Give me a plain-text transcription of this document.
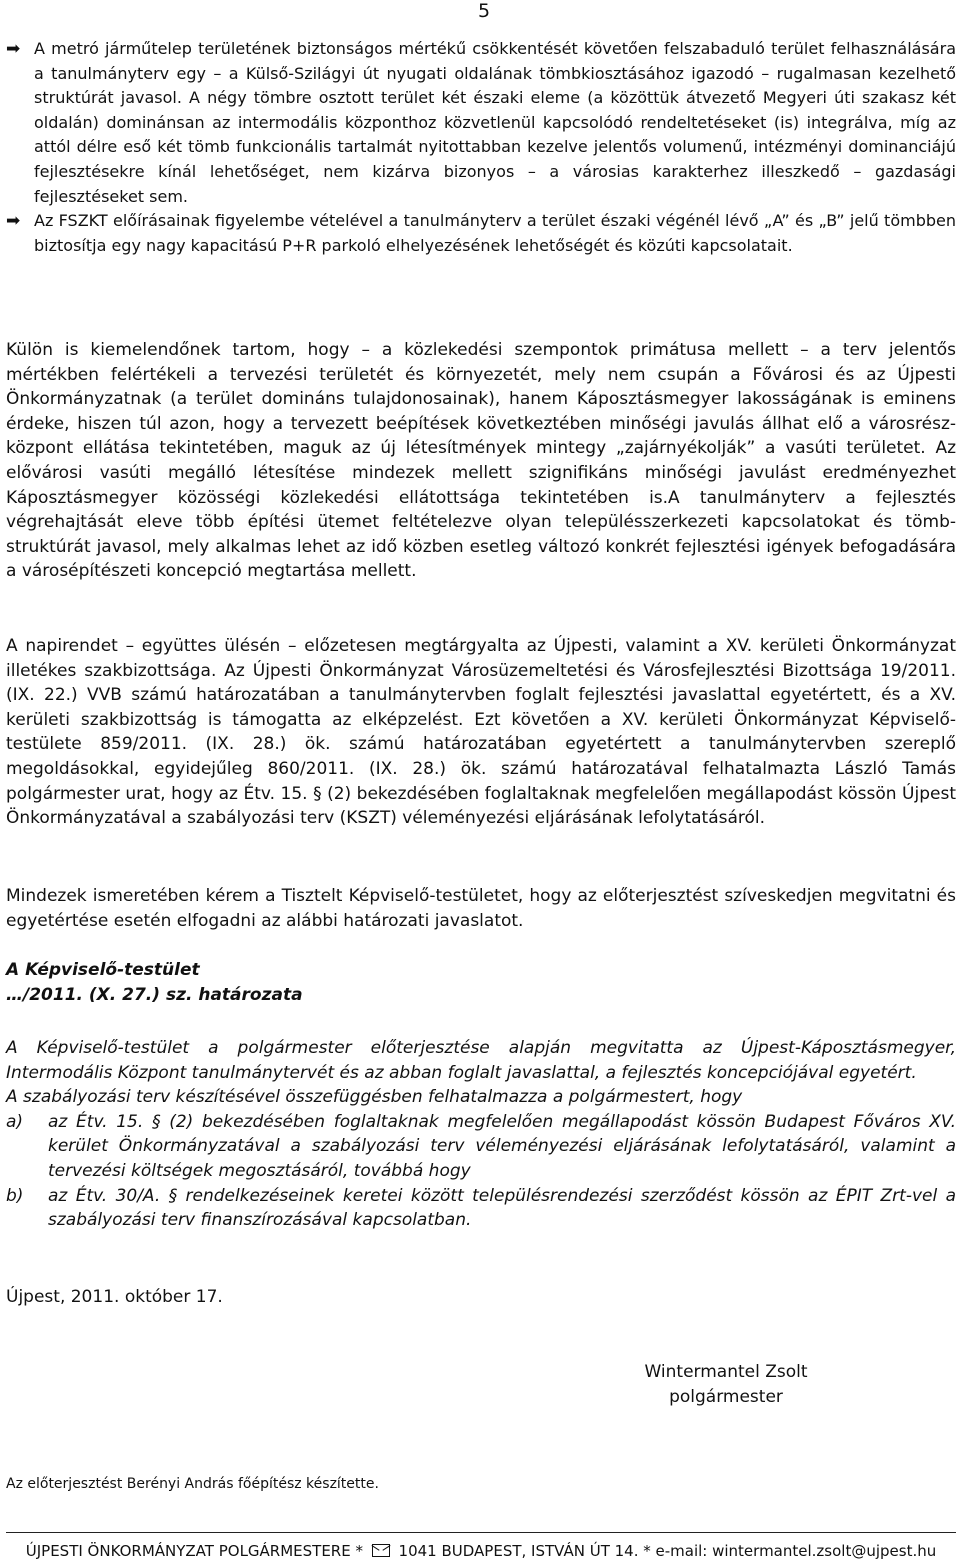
5

➡ A metró járműtelep területének biztonságos mértékű csökkentését követően felszabaduló terület felhasználására a tanulmányterv egy – a Külső-Szilágyi út nyugati oldalának tömbkiosztásához igazodó – rugalmasan kezelhető struktúrát javasol. A négy tömbre osztott terület két északi eleme (a közöttük átvezető Megyeri úti szakasz két oldalán) dominánsan az intermodális központhoz közvetlenül kapcsolódó rendeltetéseket (is) integrálva, míg az attól délre eső két tömb funkcionális tartalmát nyitottabban kezelve jelentős volumenű, intézményi dominanciájú fejlesztésekre kínál lehetőséget, nem kizárva bizonyos – a városias karakterhez illeszkedő – gazdasági fejlesztéseket sem.

➡ Az FSZKT előírásainak figyelembe vételével a tanulmányterv a terület északi végénél lévő „A” és „B” jelű tömbben biztosítja egy nagy kapacitású P+R parkoló elhelyezésének lehetőségét és közúti kapcsolatait.

Külön is kiemelendőnek tartom, hogy – a közlekedési szempontok primátusa mellett – a terv jelentős mértékben felértékeli a tervezési területét és környezetét, mely nem csupán a Fővárosi és az Újpesti Önkormányzatnak (a terület domináns tulajdonosainak), hanem Káposztásmegyer lakosságának is eminens érdeke, hiszen túl azon, hogy a tervezett beépítések következtében minőségi javulás állhat elő a városrész-központ ellátása tekintetében, maguk az új létesítmények mintegy „zajárnyékolják” a vasúti területet. Az elővárosi vasúti megálló létesítése mindezek mellett szignifikáns minőségi javulást eredményezhet Káposztásmegyer közösségi közlekedési ellátottsága tekintetében is.A tanulmányterv a fejlesztés végrehajtását eleve több építési ütemet feltételezve olyan településszerkezeti kapcsolatokat és tömb-struktúrát javasol, mely alkalmas lehet az idő közben esetleg változó konkrét fejlesztési igények befogadására a városépítészeti koncepció megtartása mellett.

A napirendet – együttes ülésén – előzetesen megtárgyalta az Újpesti, valamint a XV. kerületi Önkormányzat illetékes szakbizottsága. Az Újpesti Önkormányzat Városüzemeltetési és Városfejlesztési Bizottsága 19/2011. (IX. 22.) VVB számú határozatában a tanulmánytervben foglalt fejlesztési javaslattal egyetértett, és a XV. kerületi szakbizottság is támogatta az elképzelést. Ezt követően a XV. kerületi Önkormányzat Képviselő-testülete 859/2011. (IX. 28.) ök. számú határozatában egyetértett a tanulmánytervben szereplő megoldásokkal, egyidejűleg 860/2011. (IX. 28.) ök. számú határozatával felhatalmazta László Tamás polgármester urat, hogy az Étv. 15. § (2) bekezdésében foglaltaknak megfelelően megállapodást kössön Újpest Önkormányzatával a szabályozási terv (KSZT) véleményezési eljárásának lefolytatásáról.

Mindezek ismeretében kérem a Tisztelt Képviselő-testületet, hogy az előterjesztést szíveskedjen megvitatni és egyetértése esetén elfogadni az alábbi határozati javaslatot.

A Képviselő-testület

…/2011. (X. 27.) sz. határozata

A Képviselő-testület a polgármester előterjesztése alapján megvitatta az Újpest-Káposztásmegyer, Intermodális Központ tanulmánytervét és az abban foglalt javaslattal, a fejlesztés koncepciójával egyetért.

A szabályozási terv készítésével összefüggésben felhatalmazza a polgármestert, hogy

a) az Étv. 15. § (2) bekezdésében foglaltaknak megfelelően megállapodást kössön Budapest Főváros XV. kerület Önkormányzatával a szabályozási terv véleményezési eljárásának lefolytatásáról, valamint a tervezési költségek megosztásáról, továbbá hogy
b) az Étv. 30/A. § rendelkezéseinek keretei között településrendezési szerződést kössön az ÉPIT Zrt-vel a szabályozási terv finanszírozásával kapcsolatban.
Újpest, 2011. október 17.
Wintermantel Zsolt
polgármester
Az előterjesztést Berényi András főépítész készítette.
ÚJPESTI ÖNKORMÁNYZAT POLGÁRMESTERE * 1041 BUDAPEST, ISTVÁN ÚT 14. * e-mail: wintermantel.zsolt@ujpest.hu
